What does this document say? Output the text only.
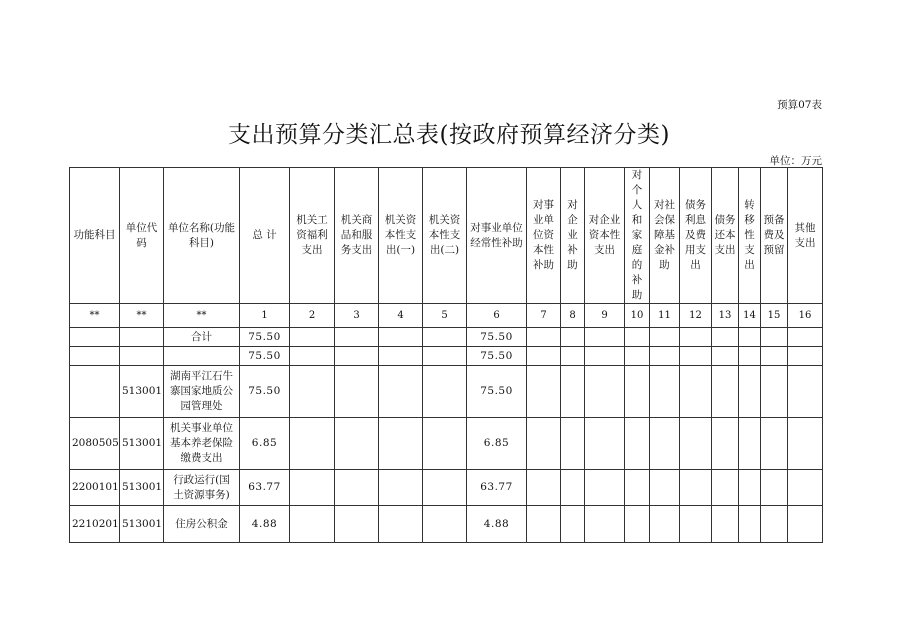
预算07表
支出预算分类汇总表(按政府预算经济分类)
单位：万元
功能科目	单位代码	单位名称(功能科目)	总 计	机关工资福利支出	机关商品和服务支出	机关资本性支出(一)	机关资本性支出(二)	对事业单位经常性补助	对事业单位资本性补助	对企业补助	对企业资本性支出	对个人和家庭的补助	对社会保障基金补助	债务利息及费用支出	债务还本支出	转移性支出	预备费及预留	其他支出
**	**	**	1	2	3	4	5	6	7	8	9	10	11	12	13	14	15	16
		合计	75.50					75.50										
			75.50					75.50										
	513001	湖南平江石牛寨国家地质公园管理处	75.50					75.50										
2080505	513001	机关事业单位基本养老保险缴费支出	6.85					6.85										
2200101	513001	行政运行(国土资源事务)	63.77					63.77										
2210201	513001	住房公积金	4.88					4.88										
